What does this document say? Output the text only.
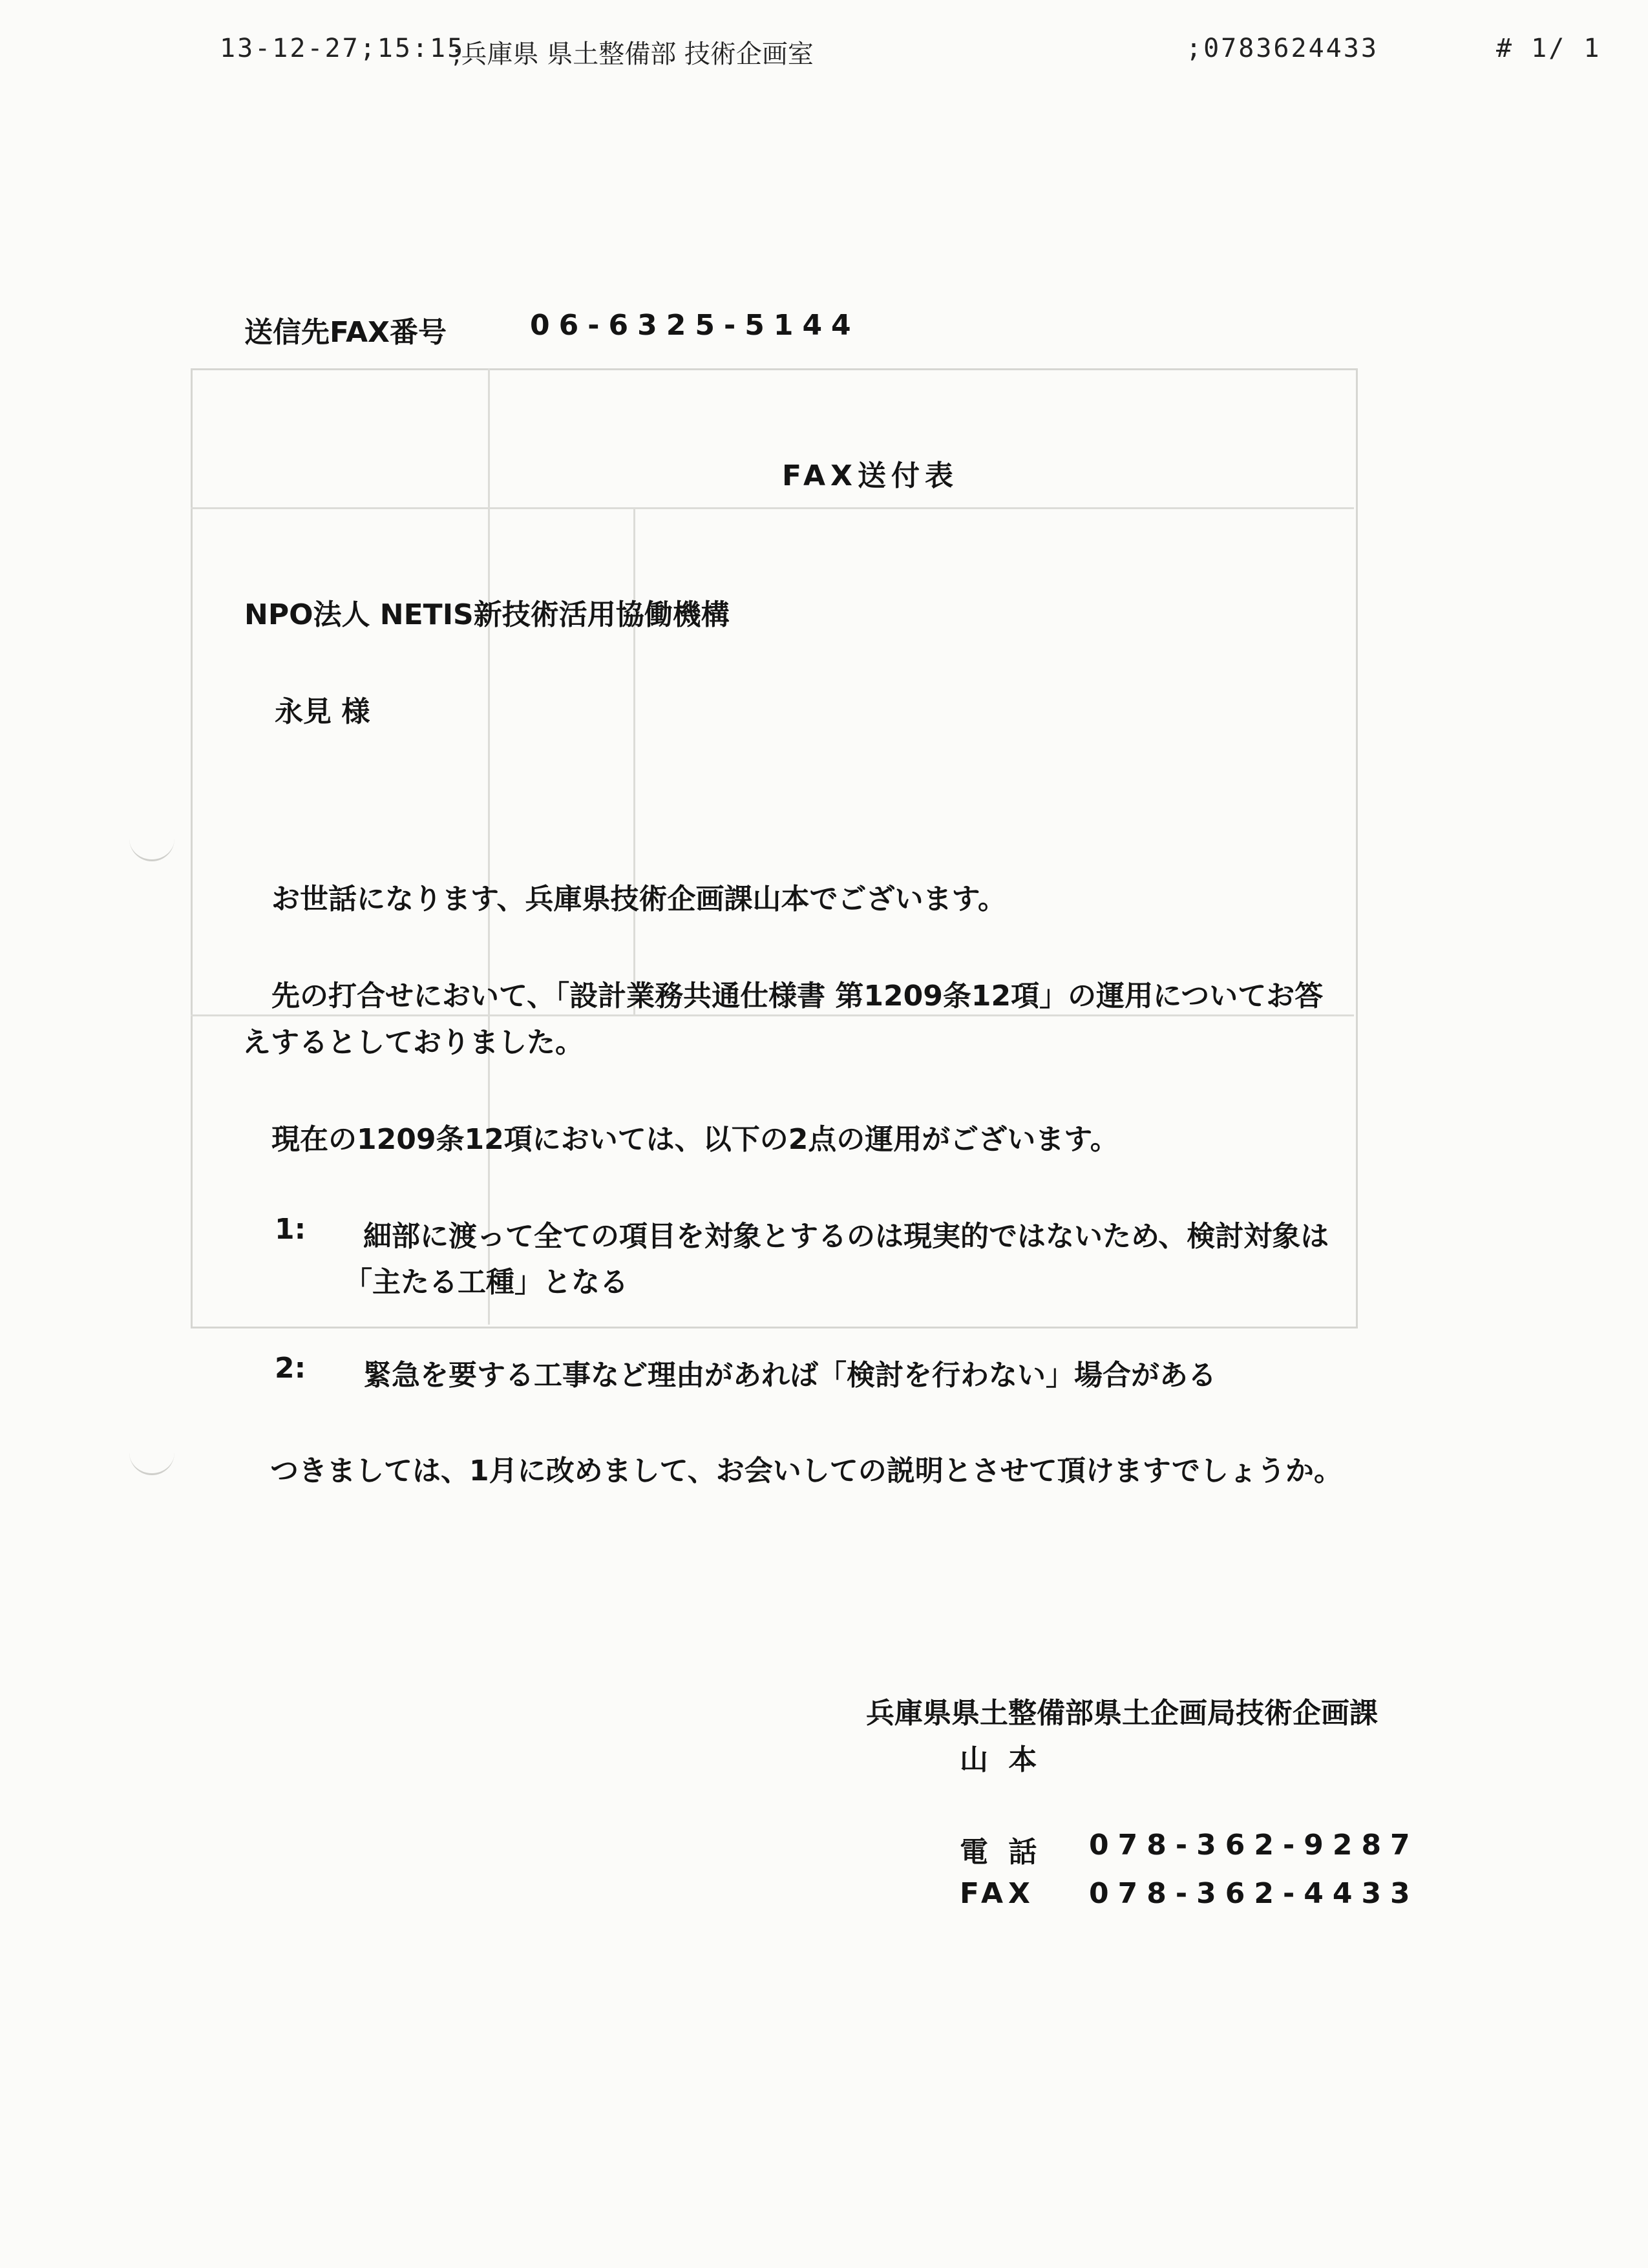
13-12-27;15:15
;兵庫県 県土整備部 技術企画室	;0783624433	# 1/ 1
送信先FAX番号	06-6325-5144
FAX送付表
NPO法人 NETIS新技術活用協働機構
永見 様
お世話になります、兵庫県技術企画課山本でございます。
先の打合せにおいて、「設計業務共通仕様書 第1209条12項」の運用についてお答
えするとしておりました。
現在の1209条12項においては、以下の2点の運用がございます。
1: 細部に渡って全ての項目を対象とするのは現実的ではないため、検討対象は
「主たる工種」となる
2: 緊急を要する工事など理由があれば「検討を行わない」場合がある
つきましては、1月に改めまして、お会いしての説明とさせて頂けますでしょうか。
兵庫県県土整備部県土企画局技術企画課
山 本
電 話 078-362-9287
FAX 078-362-4433
